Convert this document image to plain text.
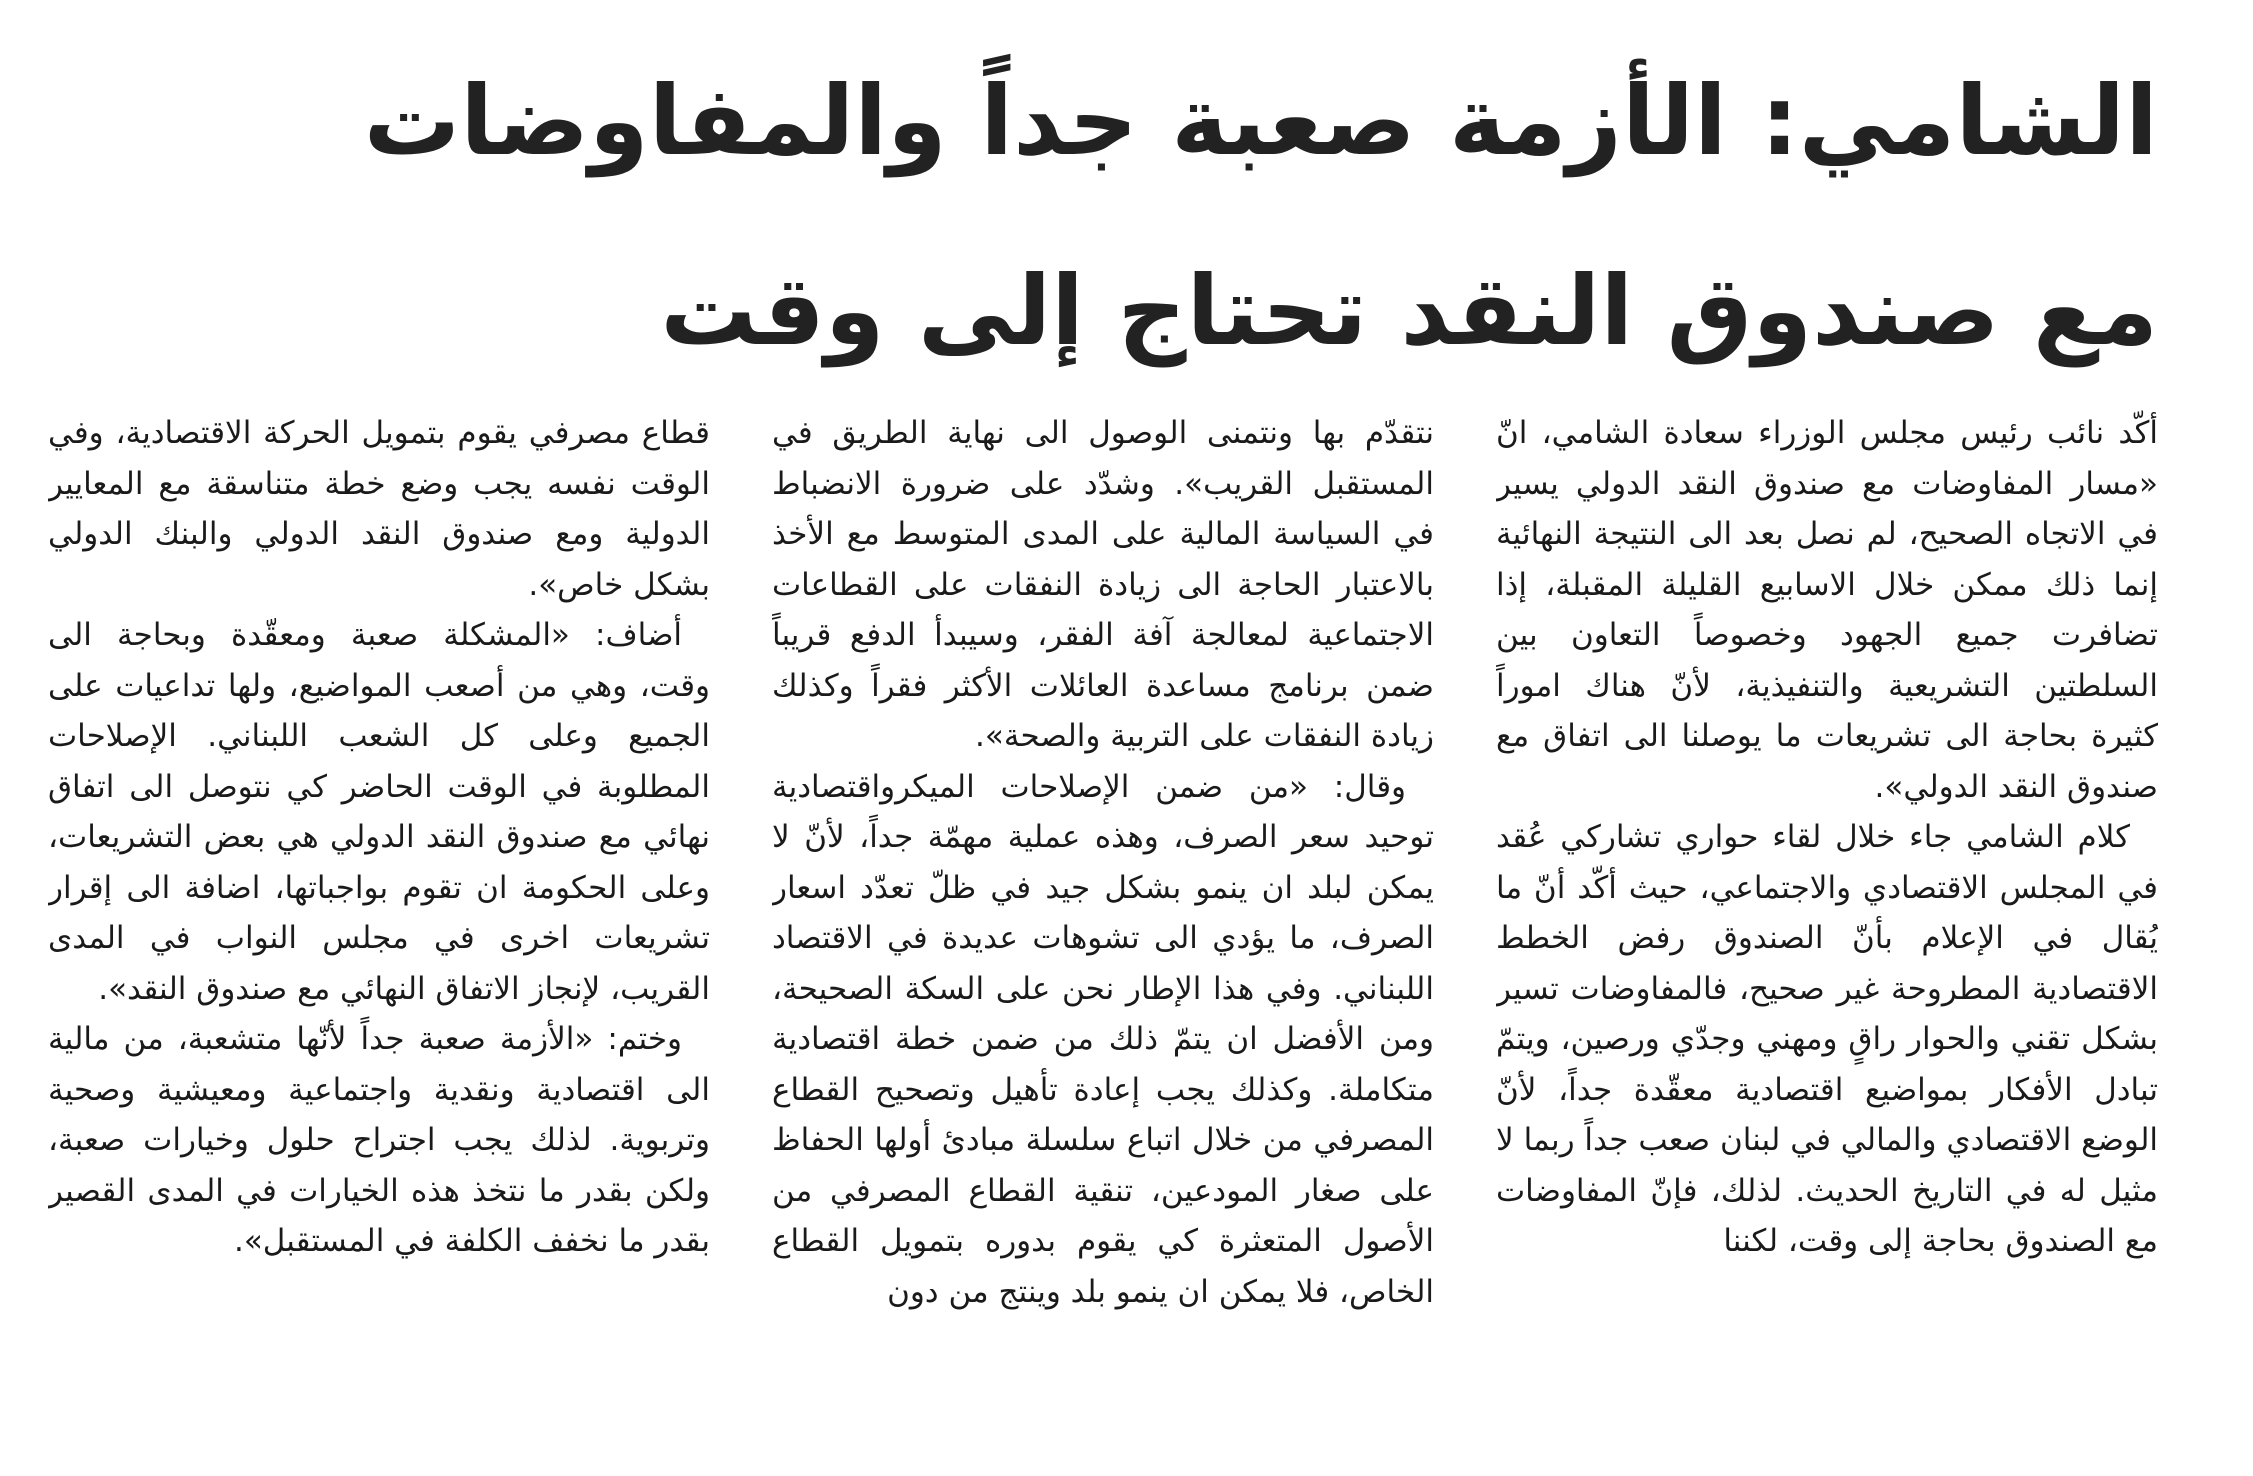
الشامي: الأزمة صعبة جداً والمفاوضات
مع صندوق النقد تحتاج إلى وقت

أكّد نائب رئيس مجلس الوزراء سعادة الشامي، انّ «مسار المفاوضات مع صندوق النقد الدولي يسير في الاتجاه الصحيح، لم نصل بعد الى النتيجة النهائية إنما ذلك ممكن خلال الاسابيع القليلة المقبلة، إذا تضافرت جميع الجهود وخصوصاً التعاون بين السلطتين التشريعية والتنفيذية، لأنّ هناك اموراً كثيرة بحاجة الى تشريعات ما يوصلنا الى اتفاق مع صندوق النقد الدولي».

كلام الشامي جاء خلال لقاء حواري تشاركي عُقد في المجلس الاقتصادي والاجتماعي، حيث أكّد أنّ ما يُقال في الإعلام بأنّ الصندوق رفض الخطط الاقتصادية المطروحة غير صحيح، فالمفاوضات تسير بشكل تقني والحوار راقٍ ومهني وجدّي ورصين، ويتمّ تبادل الأفكار بمواضيع اقتصادية معقّدة جداً، لأنّ الوضع الاقتصادي والمالي في لبنان صعب جداً ربما لا مثيل له في التاريخ الحديث. لذلك، فإنّ المفاوضات مع الصندوق بحاجة إلى وقت، لكننا

نتقدّم بها ونتمنى الوصول الى نهاية الطريق في المستقبل القريب». وشدّد على ضرورة الانضباط في السياسة المالية على المدى المتوسط مع الأخذ بالاعتبار الحاجة الى زيادة النفقات على القطاعات الاجتماعية لمعالجة آفة الفقر، وسيبدأ الدفع قريباً ضمن برنامج مساعدة العائلات الأكثر فقراً وكذلك زيادة النفقات على التربية والصحة».

وقال: «من ضمن الإصلاحات الميكرواقتصادية توحيد سعر الصرف، وهذه عملية مهمّة جداً، لأنّ لا يمكن لبلد ان ينمو بشكل جيد في ظلّ تعدّد اسعار الصرف، ما يؤدي الى تشوهات عديدة في الاقتصاد اللبناني. وفي هذا الإطار نحن على السكة الصحيحة، ومن الأفضل ان يتمّ ذلك من ضمن خطة اقتصادية متكاملة. وكذلك يجب إعادة تأهيل وتصحيح القطاع المصرفي من خلال اتباع سلسلة مبادئ أولها الحفاظ على صغار المودعين، تنقية القطاع المصرفي من الأصول المتعثرة كي يقوم بدوره بتمويل القطاع الخاص، فلا يمكن ان ينمو بلد وينتج من دون

قطاع مصرفي يقوم بتمويل الحركة الاقتصادية، وفي الوقت نفسه يجب وضع خطة متناسقة مع المعايير الدولية ومع صندوق النقد الدولي والبنك الدولي بشكل خاص».

أضاف: «المشكلة صعبة ومعقّدة وبحاجة الى وقت، وهي من أصعب المواضيع، ولها تداعيات على الجميع وعلى كل الشعب اللبناني. الإصلاحات المطلوبة في الوقت الحاضر كي نتوصل الى اتفاق نهائي مع صندوق النقد الدولي هي بعض التشريعات، وعلى الحكومة ان تقوم بواجباتها، اضافة الى إقرار تشريعات اخرى في مجلس النواب في المدى القريب، لإنجاز الاتفاق النهائي مع صندوق النقد».

وختم: «الأزمة صعبة جداً لأنّها متشعبة، من مالية الى اقتصادية ونقدية واجتماعية ومعيشية وصحية وتربوية. لذلك يجب اجتراح حلول وخيارات صعبة، ولكن بقدر ما نتخذ هذه الخيارات في المدى القصير بقدر ما نخفف الكلفة في المستقبل».
